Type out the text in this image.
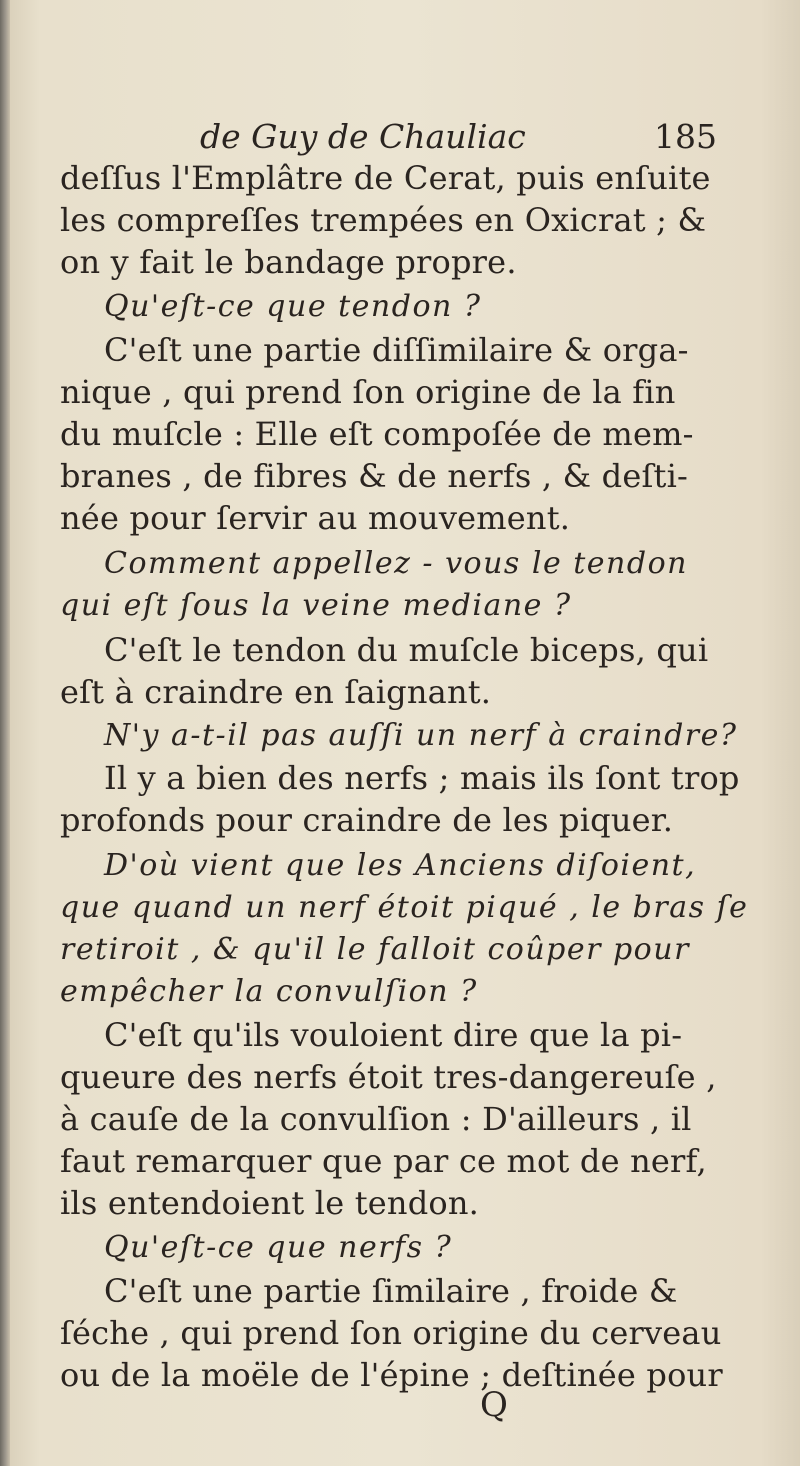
de Guy de Chauliac	185
deſſus l'Emplâtre de Cerat, puis enſuite
les compreſſes trempées en Oxicrat ; &
on y fait le bandage propre.
Qu'eſt-ce que tendon ?
C'eſt une partie diſſimilaire & orga-
nique , qui prend ſon origine de la fin
du muſcle : Elle eſt compoſée de mem-
branes , de fibres & de nerfs , & deſti-
née pour ſervir au mouvement.
Comment appellez - vous le tendon
qui eſt ſous la veine mediane ?
C'eſt le tendon du muſcle biceps, qui
eſt à craindre en ſaignant.
N'y a-t-il pas auſſi un nerf à craindre?
Il y a bien des nerfs ; mais ils ſont trop
profonds pour craindre de les piquer.
D'où vient que les Anciens diſoient,
que quand un nerf étoit piqué , le bras ſe
retiroit , & qu'il le falloit coûper pour
empêcher la convulſion ?
C'eſt qu'ils vouloient dire que la pi-
queure des nerfs étoit tres-dangereuſe ,
à cauſe de la convulſion : D'ailleurs , il
faut remarquer que par ce mot de nerf,
ils entendoient le tendon.
Qu'eſt-ce que nerfs ?
C'eſt une partie ſimilaire , froide &
ſéche , qui prend ſon origine du cerveau
ou de la moële de l'épine ; deſtinée pour
Q
